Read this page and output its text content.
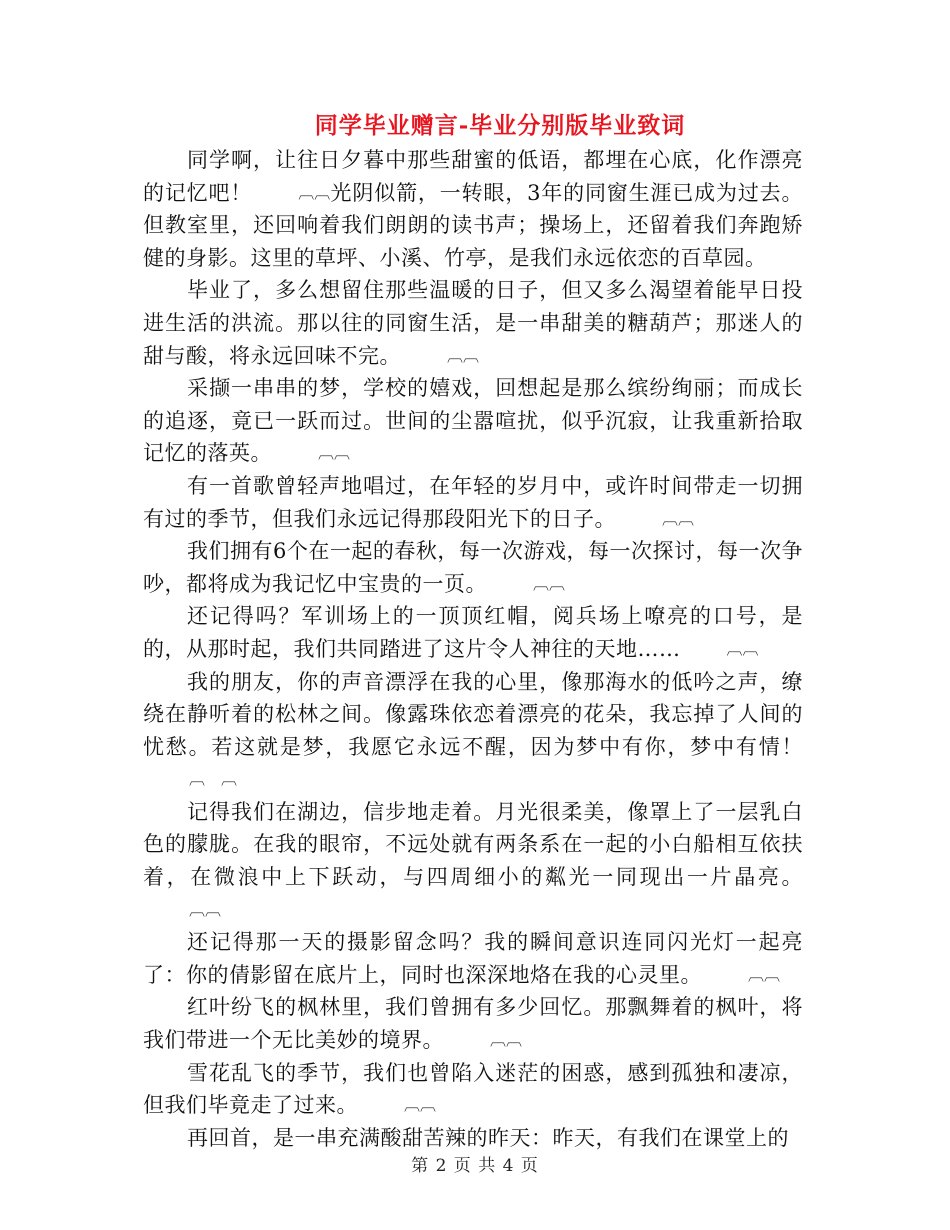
同学毕业赠言-毕业分别版毕业致词

同学啊，让往日夕暮中那些甜蜜的低语，都埋在心底，化作漂亮的记忆吧！	︹︹光阴似箭，一转眼，3年的同窗生涯已成为过去。但教室里，还回响着我们朗朗的读书声；操场上，还留着我们奔跑矫健的身影。这里的草坪、小溪、竹亭，是我们永远依恋的百草园。

毕业了，多么想留住那些温暖的日子，但又多么渴望着能早日投进生活的洪流。那以往的同窗生活，是一串甜美的糖葫芦；那迷人的甜与酸，将永远回味不完。	︹︹

采撷一串串的梦，学校的嬉戏，回想起是那么缤纷绚丽；而成长的追逐，竟已一跃而过。世间的尘嚣喧扰，似乎沉寂，让我重新拾取记忆的落英。	︹︹

有一首歌曾轻声地唱过，在年轻的岁月中，或许时间带走一切拥有过的季节，但我们永远记得那段阳光下的日子。	︹︹

我们拥有6个在一起的春秋，每一次游戏，每一次探讨，每一次争吵，都将成为我记忆中宝贵的一页。	︹︹

还记得吗？军训场上的一顶顶红帽，阅兵场上嘹亮的口号，是的，从那时起，我们共同踏进了这片令人神往的天地……	︹︹

我的朋友，你的声音漂浮在我的心里，像那海水的低吟之声，缭绕在静听着的松林之间。像露珠依恋着漂亮的花朵，我忘掉了人间的忧愁。若这就是梦，我愿它永远不醒，因为梦中有你，梦中有情！︹　︹

记得我们在湖边，信步地走着。月光很柔美，像罩上了一层乳白色的朦胧。在我的眼帘，不远处就有两条系在一起的小白船相互依扶着，在微浪中上下跃动，与四周细小的粼光一同现出一片晶亮。︹︹

还记得那一天的摄影留念吗？我的瞬间意识连同闪光灯一起亮了：你的倩影留在底片上，同时也深深地烙在我的心灵里。	︹︹

红叶纷飞的枫林里，我们曾拥有多少回忆。那飘舞着的枫叶，将我们带进一个无比美妙的境界。	︹︹

雪花乱飞的季节，我们也曾陷入迷茫的困惑，感到孤独和凄凉，但我们毕竟走了过来。	︹︹

再回首，是一串充满酸甜苦辣的昨天：昨天，有我们在课堂上的

第 2 页 共 4 页
